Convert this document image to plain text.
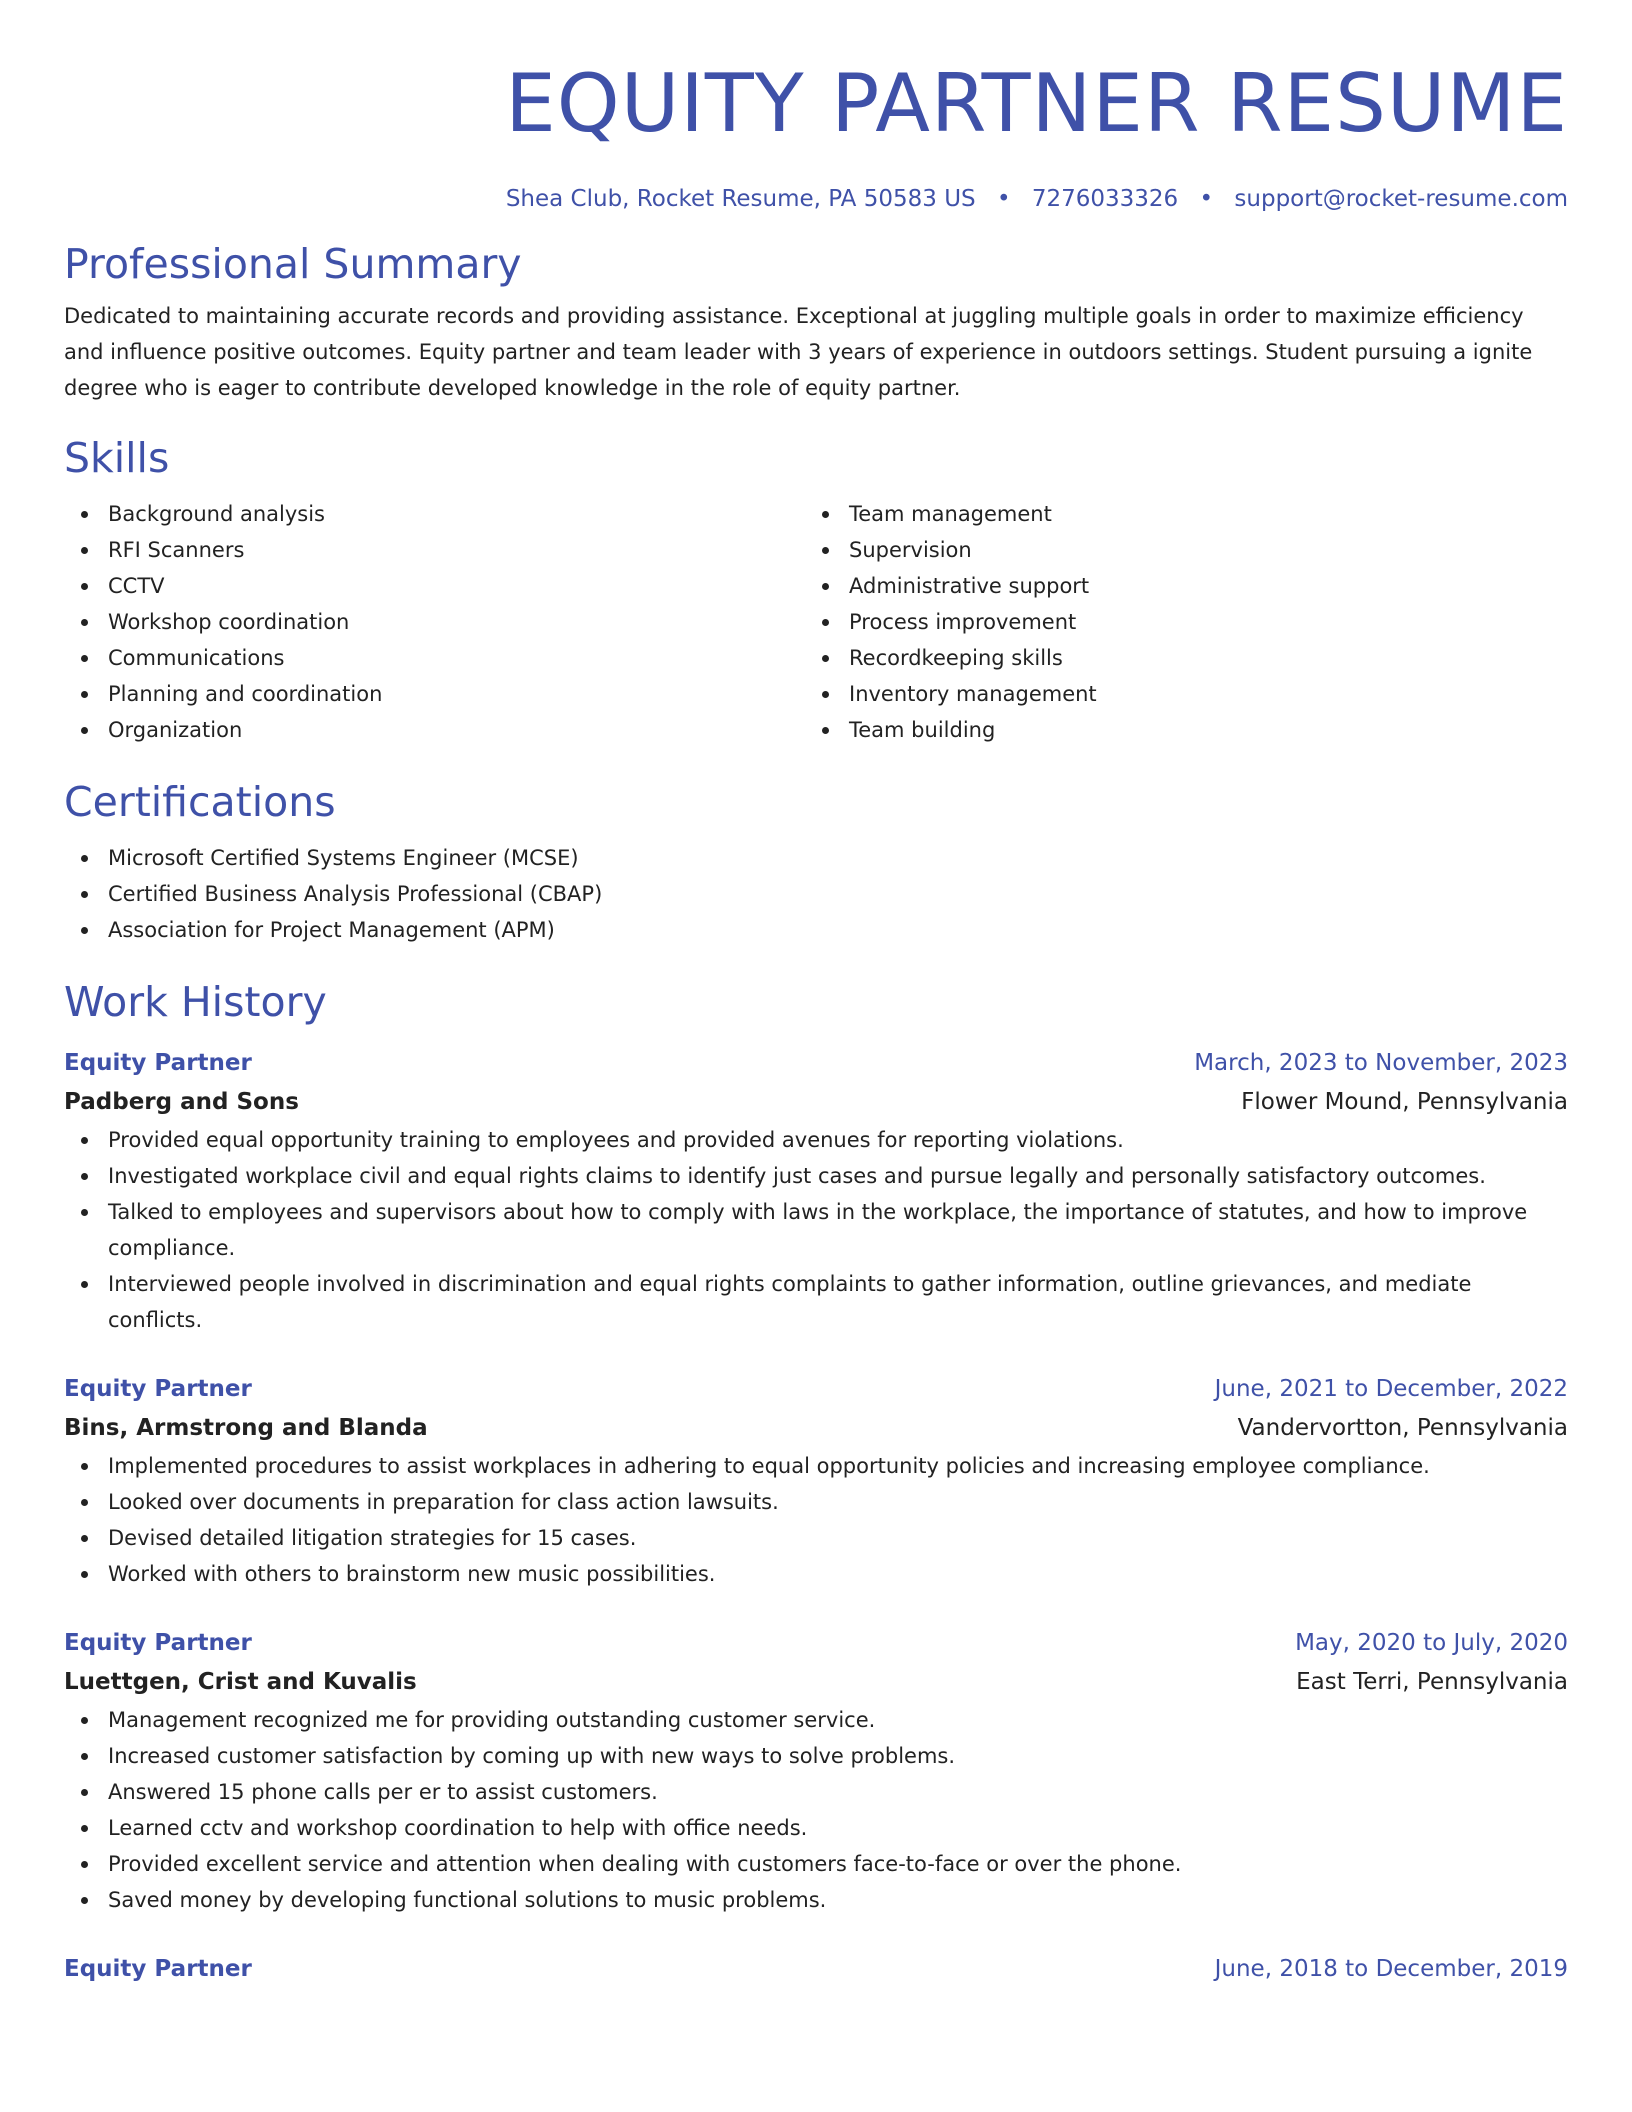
EQUITY PARTNER RESUME
Shea Club, Rocket Resume, PA 50583 US • 7276033326 • support@rocket-resume.com
Professional Summary

Dedicated to maintaining accurate records and providing assistance. Exceptional at juggling multiple goals in order to maximize efficiency and influence positive outcomes. Equity partner and team leader with 3 years of experience in outdoors settings. Student pursuing a ignite degree who is eager to contribute developed knowledge in the role of equity partner.

Skills
Background analysis
RFI Scanners
CCTV
Workshop coordination
Communications
Planning and coordination
Organization
Team management
Supervision
Administrative support
Process improvement
Recordkeeping skills
Inventory management
Team building
Certifications
Microsoft Certified Systems Engineer (MCSE)
Certified Business Analysis Professional (CBAP)
Association for Project Management (APM)
Work History
Equity Partner	March, 2023 to November, 2023
Padberg and Sons	Flower Mound, Pennsylvania
Provided equal opportunity training to employees and provided avenues for reporting violations.
Investigated workplace civil and equal rights claims to identify just cases and pursue legally and personally satisfactory outcomes.
Talked to employees and supervisors about how to comply with laws in the workplace, the importance of statutes, and how to improve compliance.
Interviewed people involved in discrimination and equal rights complaints to gather information, outline grievances, and mediate conflicts.
Equity Partner	June, 2021 to December, 2022
Bins, Armstrong and Blanda	Vandervortton, Pennsylvania
Implemented procedures to assist workplaces in adhering to equal opportunity policies and increasing employee compliance.
Looked over documents in preparation for class action lawsuits.
Devised detailed litigation strategies for 15 cases.
Worked with others to brainstorm new music possibilities.
Equity Partner	May, 2020 to July, 2020
Luettgen, Crist and Kuvalis	East Terri, Pennsylvania
Management recognized me for providing outstanding customer service.
Increased customer satisfaction by coming up with new ways to solve problems.
Answered 15 phone calls per er to assist customers.
Learned cctv and workshop coordination to help with office needs.
Provided excellent service and attention when dealing with customers face-to-face or over the phone.
Saved money by developing functional solutions to music problems.
Equity Partner	June, 2018 to December, 2019
